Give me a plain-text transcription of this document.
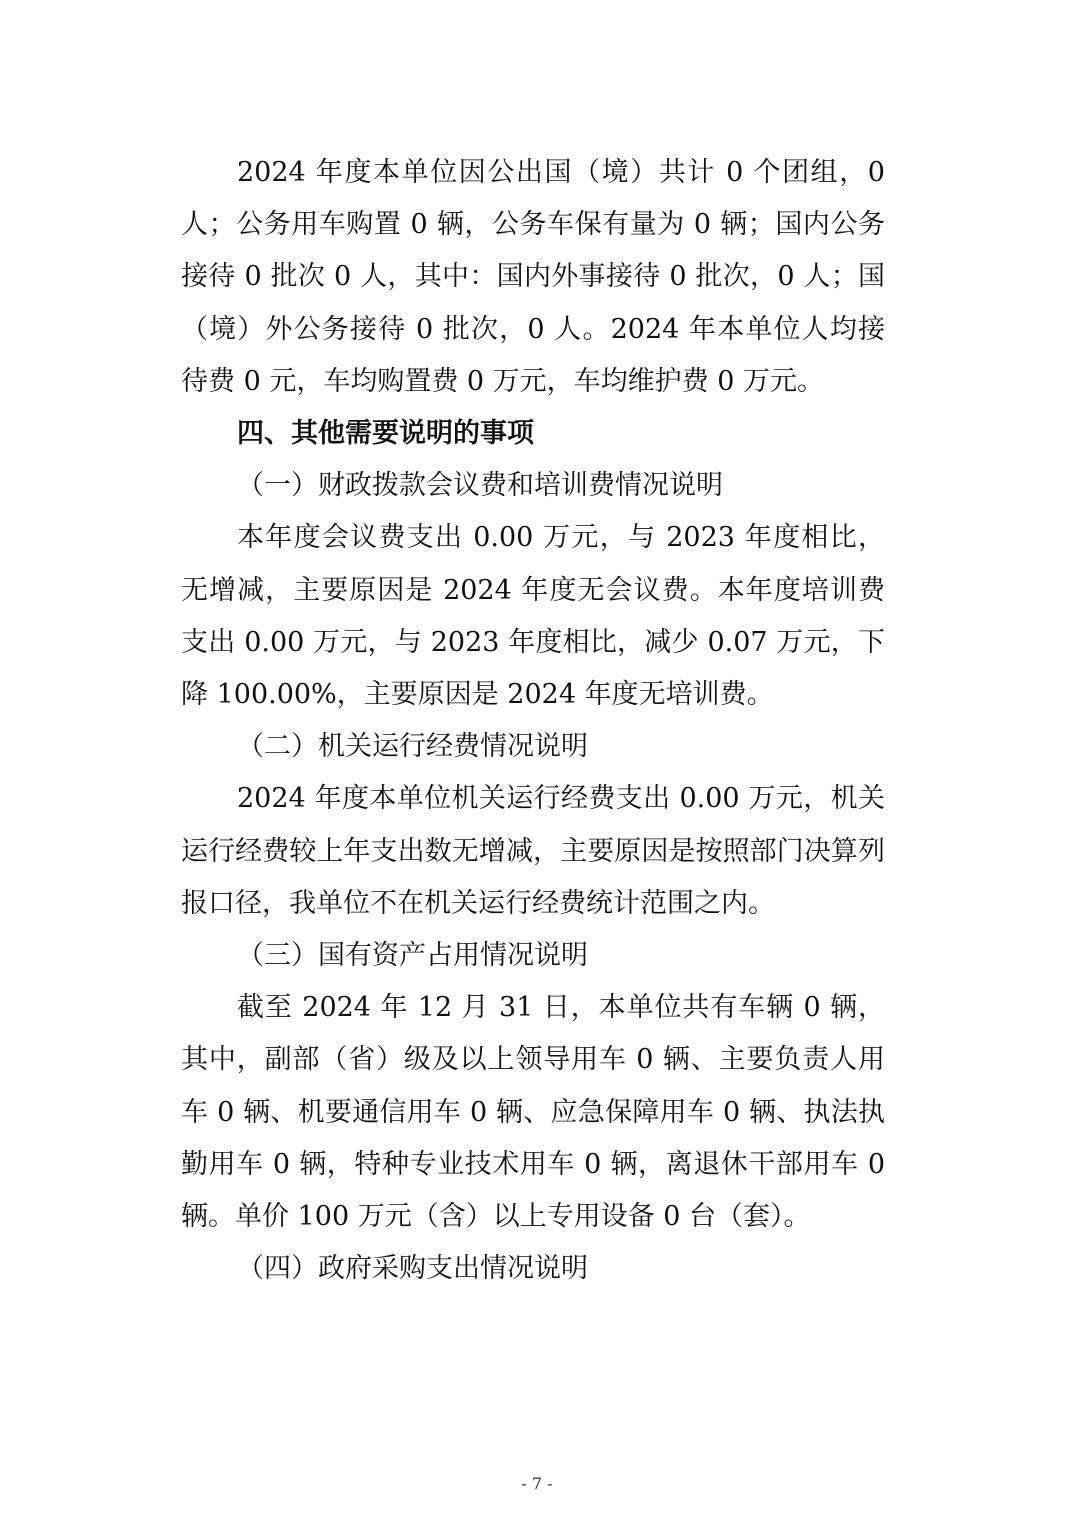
2024 年度本单位因公出国（境）共计 0 个团组，0 人；公务用车购置 0 辆，公务车保有量为 0 辆；国内公务接待 0 批次 0 人，其中：国内外事接待 0 批次，0 人；国（境）外公务接待 0 批次，0 人。2024 年本单位人均接待费 0 元，车均购置费 0 万元，车均维护费 0 万元。

四、其他需要说明的事项

（一）财政拨款会议费和培训费情况说明

本年度会议费支出 0.00 万元，与 2023 年度相比，无增减，主要原因是 2024 年度无会议费。本年度培训费支出 0.00 万元，与 2023 年度相比，减少 0.07 万元，下降 100.00%，主要原因是 2024 年度无培训费。

（二）机关运行经费情况说明

2024 年度本单位机关运行经费支出 0.00 万元，机关运行经费较上年支出数无增减，主要原因是按照部门决算列报口径，我单位不在机关运行经费统计范围之内。

（三）国有资产占用情况说明

截至 2024 年 12 月 31 日，本单位共有车辆 0 辆，其中，副部（省）级及以上领导用车 0 辆、主要负责人用车 0 辆、机要通信用车 0 辆、应急保障用车 0 辆、执法执勤用车 0 辆，特种专业技术用车 0 辆，离退休干部用车 0 辆。单价 100 万元（含）以上专用设备 0 台（套）。

（四）政府采购支出情况说明

- 7 -
